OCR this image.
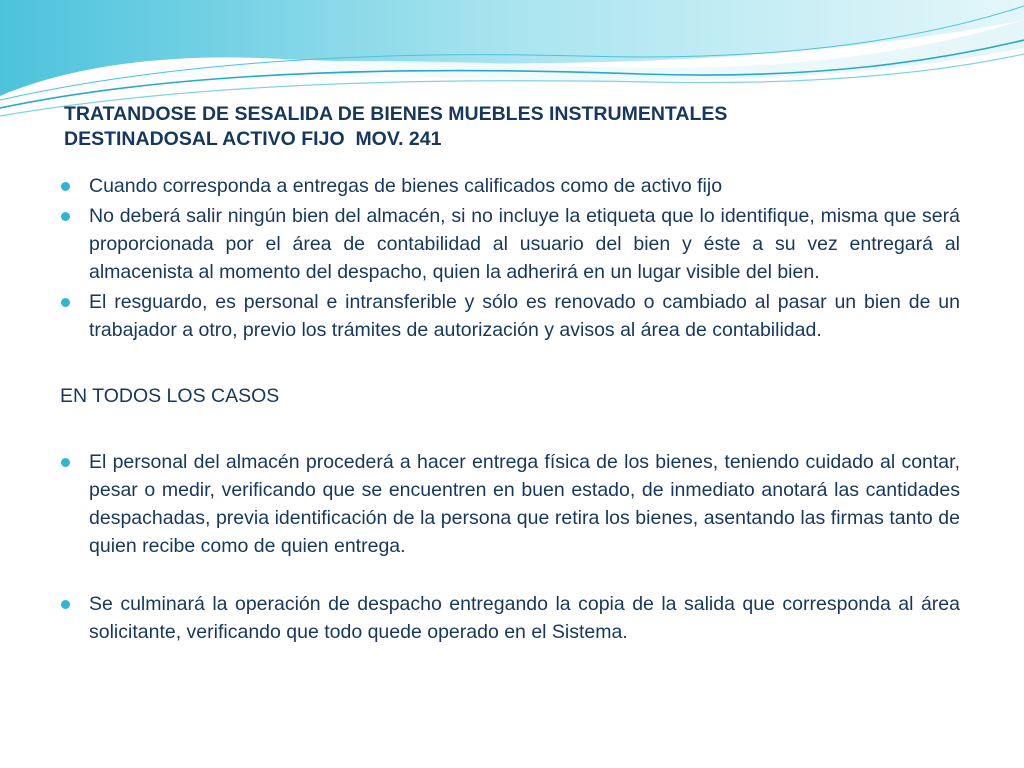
TRATANDOSE DE SESALIDA DE BIENES MUEBLES INSTRUMENTALES
DESTINADOSAL ACTIVO FIJO  MOV. 241
Cuando corresponda a entregas de bienes calificados como de activo fijo
No deberá salir ningún bien del almacén, si no incluye la etiqueta que lo identifique, misma que será proporcionada por el área de contabilidad al usuario del bien y éste a su vez entregará al almacenista al momento del despacho, quien la adherirá en un lugar visible del bien.
El resguardo, es personal e intransferible y sólo es renovado o cambiado al pasar un bien de un trabajador a otro, previo los trámites de autorización y avisos al área de contabilidad.
EN TODOS LOS CASOS
El personal del almacén procederá a hacer entrega física de los bienes, teniendo cuidado al contar, pesar o medir, verificando que se encuentren en buen estado, de inmediato anotará las cantidades despachadas, previa identificación de la persona que retira los bienes, asentando las firmas tanto de quien recibe como de quien entrega.
Se culminará la operación de despacho entregando la copia de la salida que corresponda al área solicitante, verificando que todo quede operado en el Sistema.
